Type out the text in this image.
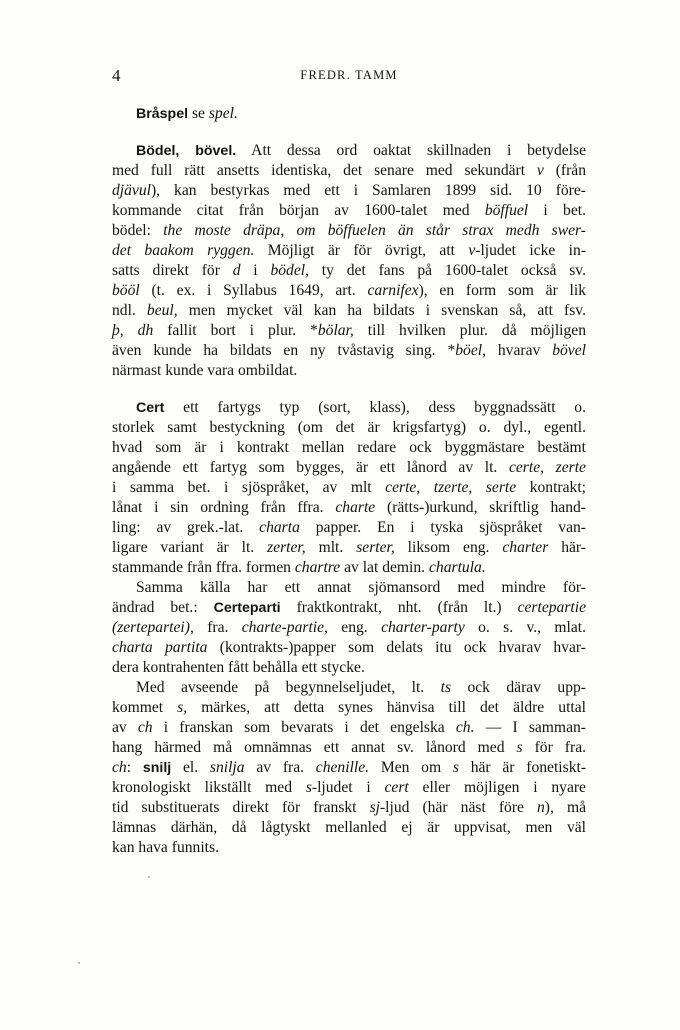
4	FREDR. TAMM
Bråspel se spel.
Bödel, bövel. Att dessa ord oaktat skillnaden i betydelse
med full rätt ansetts identiska, det senare med sekundärt v (från
djävul), kan bestyrkas med ett i Samlaren 1899 sid. 10 före-
kommande citat från början av 1600-talet med böffuel i bet.
bödel: the moste dräpa, om böffuelen än står strax medh swer-
det baakom ryggen. Möjligt är för övrigt, att v-ljudet icke in-
satts direkt för d i bödel, ty det fans på 1600-talet också sv.
bööl (t. ex. i Syllabus 1649, art. carnifex), en form som är lik
ndl. beul, men mycket väl kan ha bildats i svenskan så, att fsv.
þ, dh fallit bort i plur. *bölar, till hvilken plur. då möjligen
även kunde ha bildats en ny tvåstavig sing. *böel, hvarav bövel
närmast kunde vara ombildat.
Cert ett fartygs typ (sort, klass), dess byggnadssätt o.
storlek samt bestyckning (om det är krigsfartyg) o. dyl., egentl.
hvad som är i kontrakt mellan redare ock byggmästare bestämt
angående ett fartyg som bygges, är ett lånord av lt. certe, zerte
i samma bet. i sjöspråket, av mlt certe, tzerte, serte kontrakt;
lånat i sin ordning från ffra. charte (rätts-)urkund, skriftlig hand-
ling: av grek.-lat. charta papper. En i tyska sjöspråket van-
ligare variant är lt. zerter, mlt. serter, liksom eng. charter här-
stammande från ffra. formen chartre av lat demin. chartula.
Samma källa har ett annat sjömansord med mindre för-
ändrad bet.: Certeparti fraktkontrakt, nht. (från lt.) certepartie
(zertepartei), fra. charte-partie, eng. charter-party o. s. v., mlat.
charta partita (kontrakts-)papper som delats itu ock hvarav hvar-
dera kontrahenten fått behålla ett stycke.
Med avseende på begynnelseljudet, lt. ts ock därav upp-
kommet s, märkes, att detta synes hänvisa till det äldre uttal
av ch i franskan som bevarats i det engelska ch. — I samman-
hang härmed må omnämnas ett annat sv. lånord med s för fra.
ch: snilj el. snilja av fra. chenille. Men om s här är fonetiskt-
kronologiskt likställt med s-ljudet i cert eller möjligen i nyare
tid substituerats direkt för franskt sj-ljud (här näst före n), må
lämnas därhän, då lågtyskt mellanled ej är uppvisat, men väl
kan hava funnits.
